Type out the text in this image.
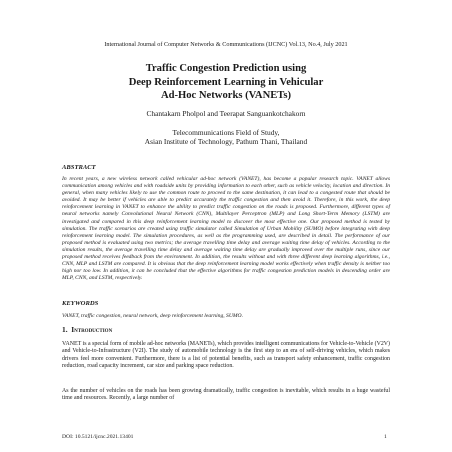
International Journal of Computer Networks & Communications (IJCNC) Vol.13, No.4, July 2021
Traffic Congestion Prediction using
Deep Reinforcement Learning in Vehicular
Ad-Hoc Networks (VANETs)
Chantakarn Pholpol and Teerapat Sanguankotchakorn
Telecommunications Field of Study,
Asian Institute of Technology, Pathum Thani, Thailand
ABSTRACT

In recent years, a new wireless network called vehicular ad-hoc network (VANET), has become a popular research topic. VANET allows communication among vehicles and with roadside units by providing information to each other, such as vehicle velocity, location and direction. In general, when many vehicles likely to use the common route to proceed to the same destination, it can lead to a congested route that should be avoided. It may be better if vehicles are able to predict accurately the traffic congestion and then avoid it. Therefore, in this work, the deep reinforcement learning in VANET to enhance the ability to predict traffic congestion on the roads is proposed. Furthermore, different types of neural networks namely Convolutional Neural Network (CNN), Multilayer Perceptron (MLP) and Long Short-Term Memory (LSTM) are investigated and compared in this deep reinforcement learning model to discover the most effective one. Our proposed method is tested by simulation. The traffic scenarios are created using traffic simulator called Simulation of Urban Mobility (SUMO) before integrating with deep reinforcement learning model. The simulation procedures, as well as the programming used, are described in detail. The performance of our proposed method is evaluated using two metrics; the average travelling time delay and average waiting time delay of vehicles. According to the simulation results, the average travelling time delay and average waiting time delay are gradually improved over the multiple runs, since our proposed method receives feedback from the environment. In addition, the results without and with three different deep learning algorithms, i.e., CNN, MLP and LSTM are compared. It is obvious that the deep reinforcement learning model works effectively when traffic density is neither too high nor too low. In addition, it can be concluded that the effective algorithms for traffic congestion prediction models in descending order are MLP, CNN, and LSTM, respectively.

KEYWORDS

VANET, traffic congestion, neural network, deep reinforcement learning, SUMO.

1. Introduction

VANET is a special form of mobile ad-hoc networks (MANETs), which provides intelligent communications for Vehicle-to-Vehicle (V2V) and Vehicle-to-Infrastructure (V2I). The study of automobile technology is the first step to an era of self-driving vehicles, which makes drivers feel more convenient. Furthermore, there is a list of potential benefits, such as transport safety enhancement, traffic congestion reduction, road capacity increment, car size and parking space reduction.

As the number of vehicles on the roads has been growing dramatically, traffic congestion is inevitable, which results in a huge wasteful time and resources. Recently, a large number of

DOI: 10.5121/ijcnc.2021.13401	1
